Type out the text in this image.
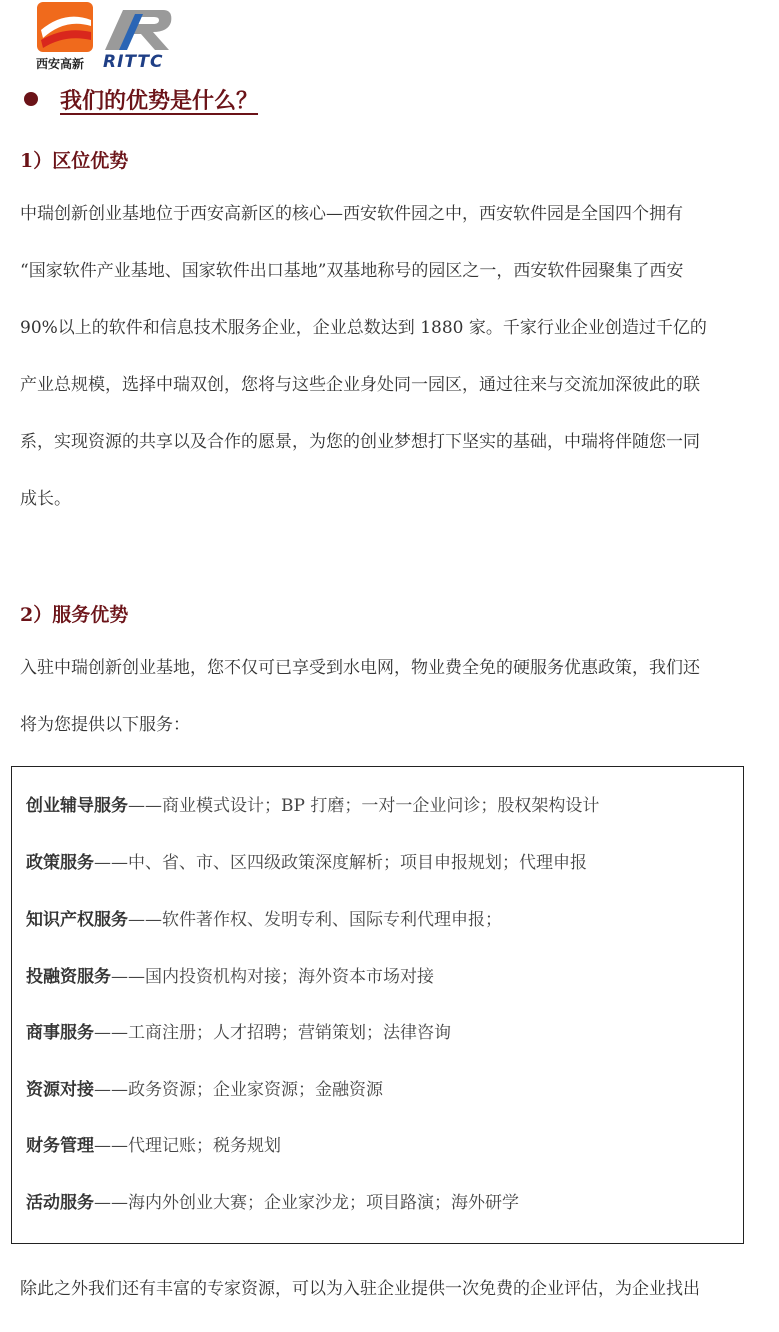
西安高新 RITTC
我们的优势是什么？
1）区位优势
中瑞创新创业基地位于西安高新区的核心—西安软件园之中，西安软件园是全国四个拥有
“国家软件产业基地、国家软件出口基地”双基地称号的园区之一，西安软件园聚集了西安
90%以上的软件和信息技术服务企业，企业总数达到 1880 家。千家行业企业创造过千亿的
产业总规模，选择中瑞双创，您将与这些企业身处同一园区，通过往来与交流加深彼此的联
系，实现资源的共享以及合作的愿景，为您的创业梦想打下坚实的基础，中瑞将伴随您一同
成长。
2）服务优势
入驻中瑞创新创业基地，您不仅可已享受到水电网，物业费全免的硬服务优惠政策，我们还
将为您提供以下服务：
创业辅导服务——商业模式设计；BP 打磨；一对一企业问诊；股权架构设计
政策服务——中、省、市、区四级政策深度解析；项目申报规划；代理申报
知识产权服务——软件著作权、发明专利、国际专利代理申报；
投融资服务——国内投资机构对接；海外资本市场对接
商事服务——工商注册；人才招聘；营销策划；法律咨询
资源对接——政务资源；企业家资源；金融资源
财务管理——代理记账；税务规划
活动服务——海内外创业大赛；企业家沙龙；项目路演；海外研学
除此之外我们还有丰富的专家资源，可以为入驻企业提供一次免费的企业评估，为企业找出
